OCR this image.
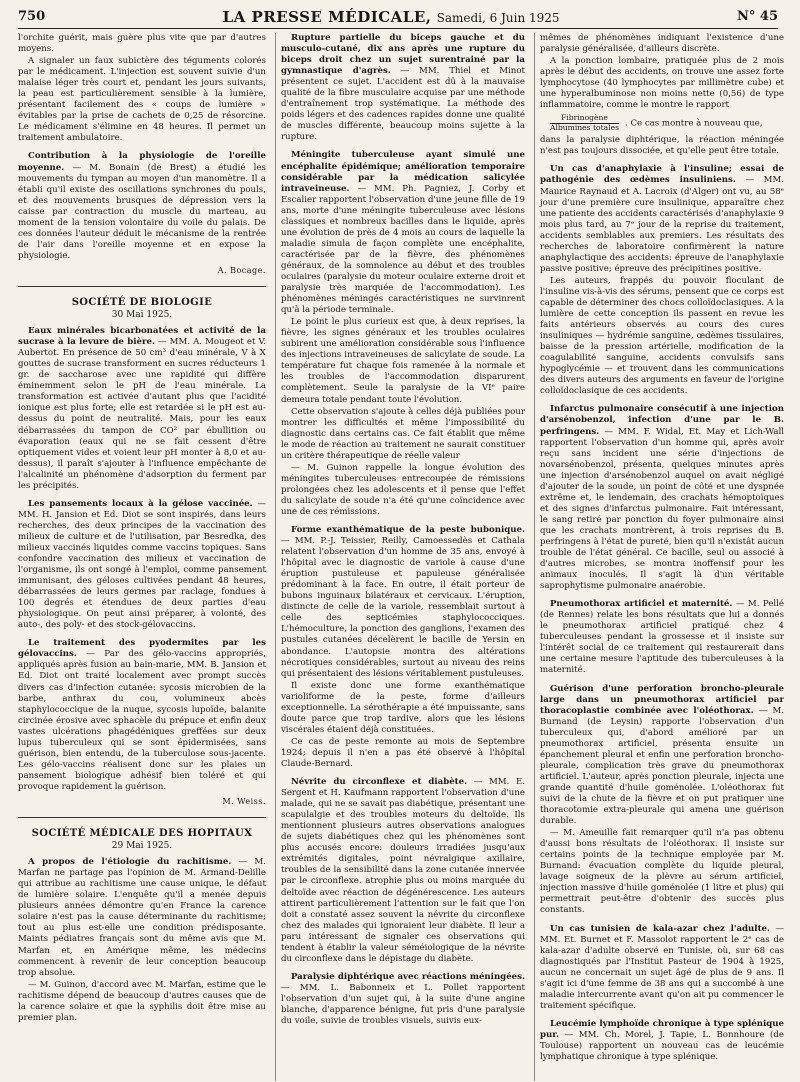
750	LA PRESSE MÉDICALE, Samedi, 6 Juin 1925	N° 45

l'orchite guérit, mais guère plus vite que par d'autres moyens.

A signaler un faux subictère des téguments colorés par le médicament. L'injection est souvent suivie d'un malaise léger très court et, pendant les jours suivants, la peau est particulièrement sensible à la lumière, présentant facilement des « coups de lumière » évitables par la prise de cachets de 0,25 de résorcine. Le médicament s'élimine en 48 heures. Il permet un traitement ambulatoire.

Contribution à la physiologie de l'oreille moyenne. — M. Bonain (de Brest) a étudié les mouvements du tympan au moyen d'un manomètre. Il a établi qu'il existe des oscillations synchrones du pouls, et des mouvements brusques de dépression vers la caisse par contraction du muscle du marteau, au moment de la tension volontaire du voile du palais. De ces données l'auteur déduit le mécanisme de la rentrée de l'air dans l'oreille moyenne et en expose la physiologie.

A. Bocage.
SOCIÉTÉ DE BIOLOGIE
30 Mai 1925.

Eaux minérales bicarbonatées et activité de la sucrase à la levure de bière. — MM. A. Mougeot et V. Aubertot. En présence de 50 cm³ d'eau minérale, V à X gouttes de sucrase transforment en sucres réducteurs 1 gr. de saccharose avec une rapidité qui diffère éminemment selon le pH de l'eau minérale. La transformation est activée d'autant plus que l'acidité ionique est plus forte; elle est retardée si le pH est au-dessus du point de neutralité. Mais, pour les eaux débarrassées du tampon de CO² par ébullition ou évaporation (eaux qui ne se fait cessent d'être optiquement vides et voient leur pH monter à 8,0 et au-dessus), il paraît s'ajouter à l'influence empêchante de l'alcalinité un phénomène d'adsorption du ferment par les précipités.

Les pansements locaux à la gélose vaccinée. — MM. H. Jansion et Ed. Diot se sont inspirés, dans leurs recherches, des deux principes de la vaccination des milieux de culture et de l'utilisation, par Besredka, des milieux vaccinés liquides comme vaccins topiques. Sans confondre vaccination des milieux et vaccination de l'organisme, ils ont songé à l'emploi, comme pansement immunisant, des géloses cultivées pendant 48 heures, débarrassées de leurs germes par raclage, fondues à 100 degrés et étendues de deux parties d'eau physiologique. On peut ainsi préparer, à volonté, des auto-, des poly- et des stock-gélovaccins.

Le traitement des pyodermites par les gélovaccins. — Par des gélo-vaccins appropriés, appliqués après fusion au bain-marie, MM. B. Jansion et Ed. Diot ont traité localement avec prompt succès divers cas d'infection cutanée: sycosis microbien de la barbe, anthrax du cou, volumineux abcès staphylococcique de la nuque, sycosis lupoïde, balanite circinée érosive avec sphacèle du prépuce et enfin deux vastes ulcérations phagédéniques greffées sur deux lupus tuberculeux qui se sont épidermisées, sans guérison, bien entendu, de la tuberculose sous-jacente. Les gélo-vaccins réalisent donc sur les plaies un pansement biologique adhésif bien toléré et qui provoque rapidement la guérison.

M. Weiss.
SOCIÉTÉ MÉDICALE DES HOPITAUX
29 Mai 1925.

A propos de l'étiologie du rachitisme. — M. Marfan ne partage pas l'opinion de M. Armand-Delille qui attribue au rachitisme une cause unique, le défaut de lumière solaire. L'enquête qu'il a menée depuis plusieurs années démontre qu'en France la carence solaire n'est pas la cause déterminante du rachitisme; tout au plus est-elle une condition prédisposante. Maints pédiatres français sont du même avis que M. Marfan et, en Amérique même, les médecins commencent à revenir de leur conception beaucoup trop absolue.

— M. Guinon, d'accord avec M. Marfan, estime que le rachitisme dépend de beaucoup d'autres causes que de la carence solaire et que la syphilis doit être mise au premier plan.

Rupture partielle du biceps gauche et du musculo-cutané, dix ans après une rupture du biceps droit chez un sujet surentrainé par la gymnastique d'agrès. — MM. Thiel et Minot présentent ce sujet. L'accident est dû à la mauvaise qualité de la fibre musculaire acquise par une méthode d'entraînement trop systématique. La méthode des poids légers et des cadences rapides donne une qualité de muscles différente, beaucoup moins sujette à la rupture.

Méningite tuberculeuse ayant simulé une encéphalite épidémique; amélioration temporaire considérable par la médication salicylée intraveineuse. — MM. Ph. Pagniez, J. Corby et Escalier rapportent l'observation d'une jeune fille de 19 ans, morte d'une méningite tuberculeuse avec lésions classiques et nombreux bacilles dans le liquide, après une évolution de près de 4 mois au cours de laquelle la maladie simula de façon complète une encéphalite, caractérisée par de la fièvre, des phénomènes généraux, de la somnolence au début et des troubles oculaires (paralysie du moteur oculaire externe droit et paralysie très marquée de l'accommodation). Les phénomènes méningés caractéristiques ne survinrent qu'à la période terminale.

Le point le plus curieux est que, à deux reprises, la fièvre, les signes généraux et les troubles oculaires subirent une amélioration considérable sous l'influence des injections intraveineuses de salicylate de soude. La température fut chaque fois ramenée à la normale et les troubles de l'accommodation disparurent complètement. Seule la paralysie de la VIᵉ paire demeura totale pendant toute l'évolution.

Cette observation s'ajoute à celles déjà publiées pour montrer les difficultés et même l'impossibilité du diagnostic dans certains cas. Ce fait établit que même le mode de réaction au traitement ne saurait constituer un critère thérapeutique de réelle valeur

— M. Guinon rappelle la longue évolution des méningites tuberculeuses entrecoupée de rémissions prolongées chez les adolescents et il pense que l'effet du salicylate de soude n'a été qu'une coïncidence avec une de ces rémissions.

Forme exanthématique de la peste bubonique. — MM. P.-J. Teissier, Reilly, Camoessedès et Cathala relatent l'observation d'un homme de 35 ans, envoyé à l'hôpital avec le diagnostic de variole à cause d'une éruption pustuleuse et papuleuse généralisée prédominant à la face. En outre, il était porteur de bubons inguinaux bilatéraux et cervicaux. L'éruption, distincte de celle de la variole, ressemblait surtout à celle des septicémies staphylococciques. L'hémoculture, la ponction des ganglions, l'examen des pustules cutanées décelèrent le bacille de Yersin en abondance. L'autopsie montra des altérations nécrotiques considérables, surtout au niveau des reins qui présentaient des lésions véritablement pustuleuses.

Il existe donc une forme exanthématique varioliforme de la peste, forme d'ailleurs exceptionnelle. La sérothérapie a été impuissante, sans doute parce que trop tardive, alors que les lésions viscérales étaient déjà constituées.

Ce cas de peste remonte au mois de Septembre 1924; depuis il n'en a pas été observé à l'hôpital Claude-Bernard.

Névrite du circonflexe et diabète. — MM. E. Sergent et H. Kaufmann rapportent l'observation d'une malade, qui ne se savait pas diabétique, présentant une scapulalgie et des troubles moteurs du deltoïde. Ils mentionnent plusieurs autres observations analogues de sujets diabétiques chez qui les phénomènes sont plus accusés encore: douleurs irradiées jusqu'aux extrémités digitales, point névralgique axillaire, troubles de la sensibilité dans la zone cutanée innervée par le circonflexe. atrophie plus ou moins marquée du deltoïde avec réaction de dégénérescence. Les auteurs attirent particulièrement l'attention sur le fait que l'on doit a constaté assez souvent la névrite du circonflexe chez des malades qui ignoraient leur diabète. Il leur a paru intéressant de signaler ces observations qui tendent à établir la valeur séméiologique de la névrite du circonflexe dans le dépistage du diabète.

Paralysie diphtérique avec réactions méningées. — MM. L. Babonneix et L. Pollet rapportent l'observation d'un sujet qui, à la suite d'une angine blanche, d'apparence bénigne, fut pris d'une paralysie du voile, suivie de troubles visuels, suivis eux-

mêmes de phénomènes indiquant l'existence d'une paralysie généralisée, d'ailleurs discrète.

A la ponction lombaire, pratiquée plus de 2 mois après le début des accidents, on trouve une assez forte lymphocytose (40 lymphocytes par millimètre cube) et une hyperalbuminose non moins nette (0,56) de type inflammatoire, comme le montre le rapport

Fibrinogène
Albumines totales . Ce cas montre à nouveau que,

dans la paralysie diphtérique, la réaction méningée n'est pas toujours dissociée, et qu'elle peut être totale.

Un cas d'anaphylaxie à l'insuline; essai de pathogénie des œdèmes insuliniens. — MM. Maurice Raynaud et A. Lacroix (d'Alger) ont vu, au 58ᵉ jour d'une première cure insulinique, apparaître chez une patiente des accidents caractérisés d'anaphylaxie 9 mois plus tard, au 7ᵉ jour de la reprise du traitement, accidents semblables aux premiers. Les résultats des recherches de laboratoire confirmèrent la nature anaphylactique des accidents: épreuve de l'anaphylaxie passive positive; épreuve des précipitines positive.

Les auteurs, frappés du pouvoir floculant de l'insuline vis-à-vis des sérums, pensent que ce corps est capable de déterminer des chocs colloïdoclasiques. A la lumière de cette conception ils passent en revue les faits antérieurs observés au cours des cures insuliniques — hydrémie sanguine, œdèmes tissulaires, baisse de la pression artérielle, modification de la coagulabilité sanguine, accidents convulsifs sans hypoglycémie — et trouvent dans les communications des divers auteurs des arguments en faveur de l'origine colloïdoclasique de ces accidents.

Infarctus pulmonaire consécutif à une injection d'arsénobenzol, infection d'une par le B. perfringens. — MM. F. Widal, Et. May et Lich-Wall rapportent l'observation d'un homme qui, après avoir reçu sans incident une série d'injections de novarsénobenzol, présenta, quelques minutes après une injection d'arsénobenzol auquel on avait négligé d'ajouter de la soude, un point de côté et une dyspnée extrême et, le lendemain, des crachats hémoptoïques et des signes d'infarctus pulmonaire. Fait intéressant, le sang retiré par ponction du foyer pulmonaire ainsi que les crachats montrèrent, à trois reprises du B. perfringens à l'état de pureté, bien qu'il n'existât aucun trouble de l'état général. Ce bacille, seul ou associé à d'autres microbes, se montra inoffensif pour les animaux inoculés. Il s'agit là d'un véritable saprophytisme pulmonaire anaérobie.

Pneumothorax artificiel et maternité. — M. Pellé (de Rennes) relate les bons résultats que lui a donnés le pneumothorax artificiel pratiqué chez 4 tuberculeuses pendant la grossesse et il insiste sur l'intérêt social de ce traitement qui restaurerait dans une certaine mesure l'aptitude des tuberculeuses à la maternité.

Guérison d'une perforation broncho-pleurale large dans un pneumothorax artificiel par thoracoplastie combinée avec l'oléothorax. — M. Burnand (de Leysin) rapporte l'observation d'un tuberculeux qui, d'abord amélioré par un pneumothorax artificiel, présenta ensuite un épanchement pleural et enfin une perforation broncho-pleurale, complication très grave du pneumothorax artificiel. L'auteur, après ponction pleurale, injecta une grande quantité d'huile goménolée. L'oléothorax fut suivi de la chute de la fièvre et on put pratiquer une thoracotomie extra-pleurale qui amena une guérison durable.

— M. Ameuille fait remarquer qu'il n'a pas obtenu d'aussi bons résultats de l'oléothorax. Il insiste sur certains points de la technique employée par M. Burnand: évacuation complète du liquide pleural, lavage soigneux de la plèvre au sérum artificiel, injection massive d'huile goménolée (1 litre et plus) qui permettrait peut-être d'obtenir des succès plus constants.

Un cas tunisien de kala-azar chez l'adulte. — MM. Et. Burnet et F. Massolot rapportent le 2ᵉ cas de kala-azar d'adulte observé en Tunisie, où, sur 68 cas diagnostiqués par l'Institut Pasteur de 1904 à 1925, aucun ne concernait un sujet âgé de plus de 9 ans. Il s'agit ici d'une femme de 38 ans qui a succombé à une maladie intercurrente avant qu'on ait pu commencer le traitement spécifique.

Leucémie lymphoïde chronique à type splénique pur. — MM. Ch. Morel, J. Tapie, L. Bonnhoure (de Toulouse) rapportent un nouveau cas de leucémie lymphatique chronique à type splénique.
